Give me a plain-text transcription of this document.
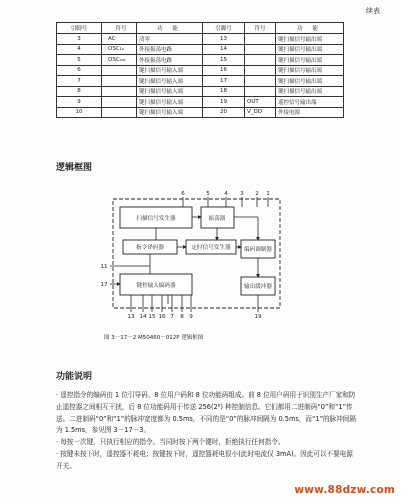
续表
引脚号	符号	功 能	引脚号	符号	功 能
3	AC	清零	13		键扫描信号输出端
4	OSC₁ₙ	外接振荡电路	14		键扫描信号输出端
5	OSCₒᵤₜ	外接振荡电路	15		键扫描信号输出端
6		键扫描信号输入端	16		键扫描信号输出端
7		键扫描信号输入端	17		键扫描信号输出端
8		键扫描信号输入端	18		键扫描信号输出端
9		键扫描信号输入端	19	OUT	遥控信号输出端
10		键扫描信号输入端	20	V_DD	外接电源
逻辑框图
扫描信号发生器	振荡器
指令译码器	定时信号发生器 编码调制器
键控输入编码器	输出缓冲器
6	5	4 3 2 1
11
17
13 14 15 16 7 8 9	19
图 3－17－2 M50460－012P 逻辑框图
功能说明
· 遥控指令的编码由 1 位引导码、8 位用户码和 8 位功能码组成。前 8 位用户码用于识别生产厂家和防止遥控器之间相互干扰，后 8 位功能码用于传送 256(2⁸) 种控制信息。它们都用二进制码“0”和“1”传送。二进制码“0”和“1”的脉冲宽度都为 0.5ms，不同的是“0”的脉冲间隔为 0.5ms，而“1”的脉冲间隔为 1.5ms，参见图 3－17－3。
· 每按一次键，只执行相应的指令。当同时按下两个键时，拒绝执行任何指令。
· 按键未按下时，遥控器不耗电；按键按下时，遥控器耗电很小(此时电流仅 3mA)。因此可以不要电源开关。
www.88dzw.com
